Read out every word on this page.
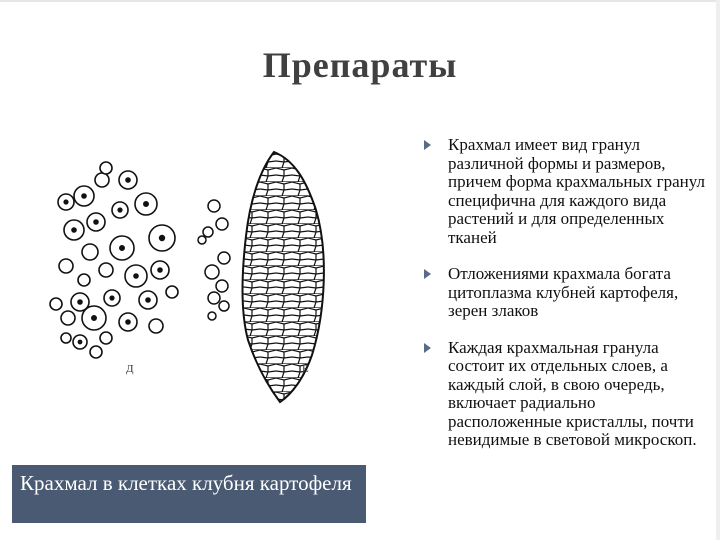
Препараты
Д	Е
Крахмал в клетках клубня картофеля
Крахмал имеет вид гранул различной формы и размеров, причем форма крахмальных гранул специфична для каждого вида растений и для определенных тканей
Отложениями крахмала богата цитоплазма клубней картофеля, зерен злаков
Каждая крахмальная гранула состоит их отдельных слоев, а каждый слой, в свою очередь, включает радиально расположенные кристаллы, почти невидимые в световой микроскоп.
